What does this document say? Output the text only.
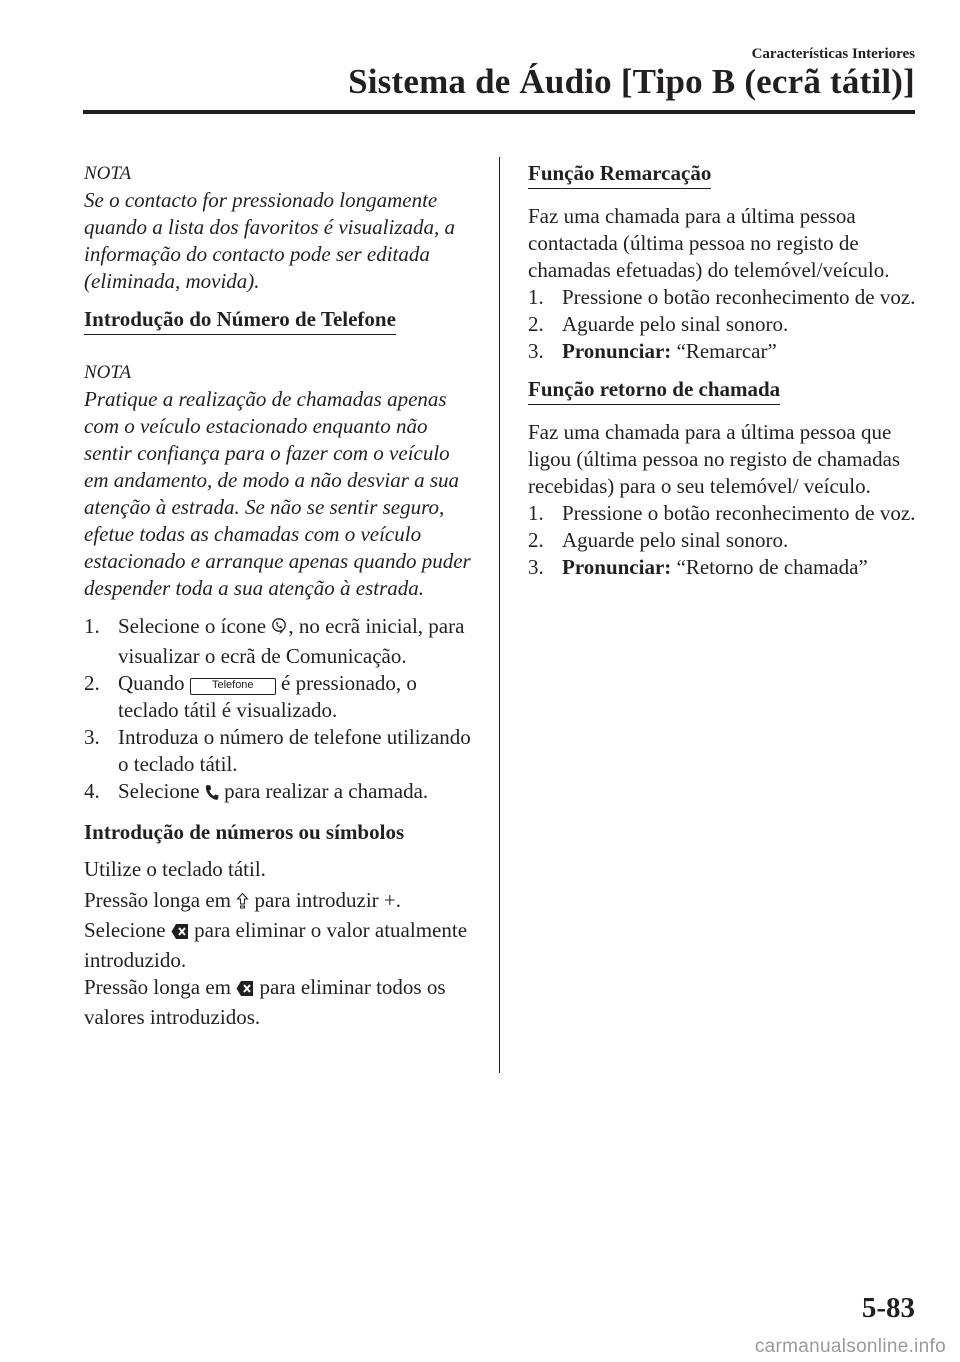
Características Interiores
Sistema de Áudio [Tipo B (ecrã tátil)]

NOTA

Se o contacto for pressionado longamente quando a lista dos favoritos é visualizada, a informação do contacto pode ser editada (eliminada, movida).

Introdução do Número de Telefone

NOTA

Pratique a realização de chamadas apenas com o veículo estacionado enquanto não sentir confiança para o fazer com o veículo em andamento, de modo a não desviar a sua atenção à estrada. Se não se sentir seguro, efetue todas as chamadas com o veículo estacionado e arranque apenas quando puder despender toda a sua atenção à estrada.

1. Selecione o ícone , no ecrã inicial, para visualizar o ecrã de Comunicação.
2. Quando Telefone é pressionado, o teclado tátil é visualizado.
3. Introduza o número de telefone utilizando o teclado tátil.
4. Selecione  para realizar a chamada.

Introdução de números ou símbolos

Utilize o teclado tátil.

Pressão longa em  para introduzir +.

Selecione  para eliminar o valor atualmente introduzido.

Pressão longa em  para eliminar todos os valores introduzidos.

Função Remarcação

Faz uma chamada para a última pessoa contactada (última pessoa no registo de chamadas efetuadas) do telemóvel/veículo.

1. Pressione o botão reconhecimento de voz.
2. Aguarde pelo sinal sonoro.
3. Pronunciar: “Remarcar”
Função retorno de chamada

Faz uma chamada para a última pessoa que ligou (última pessoa no registo de chamadas recebidas) para o seu telemóvel/ veículo.

1. Pressione o botão reconhecimento de voz.
2. Aguarde pelo sinal sonoro.
3. Pronunciar: “Retorno de chamada”
5-83
carmanualsonline.info
